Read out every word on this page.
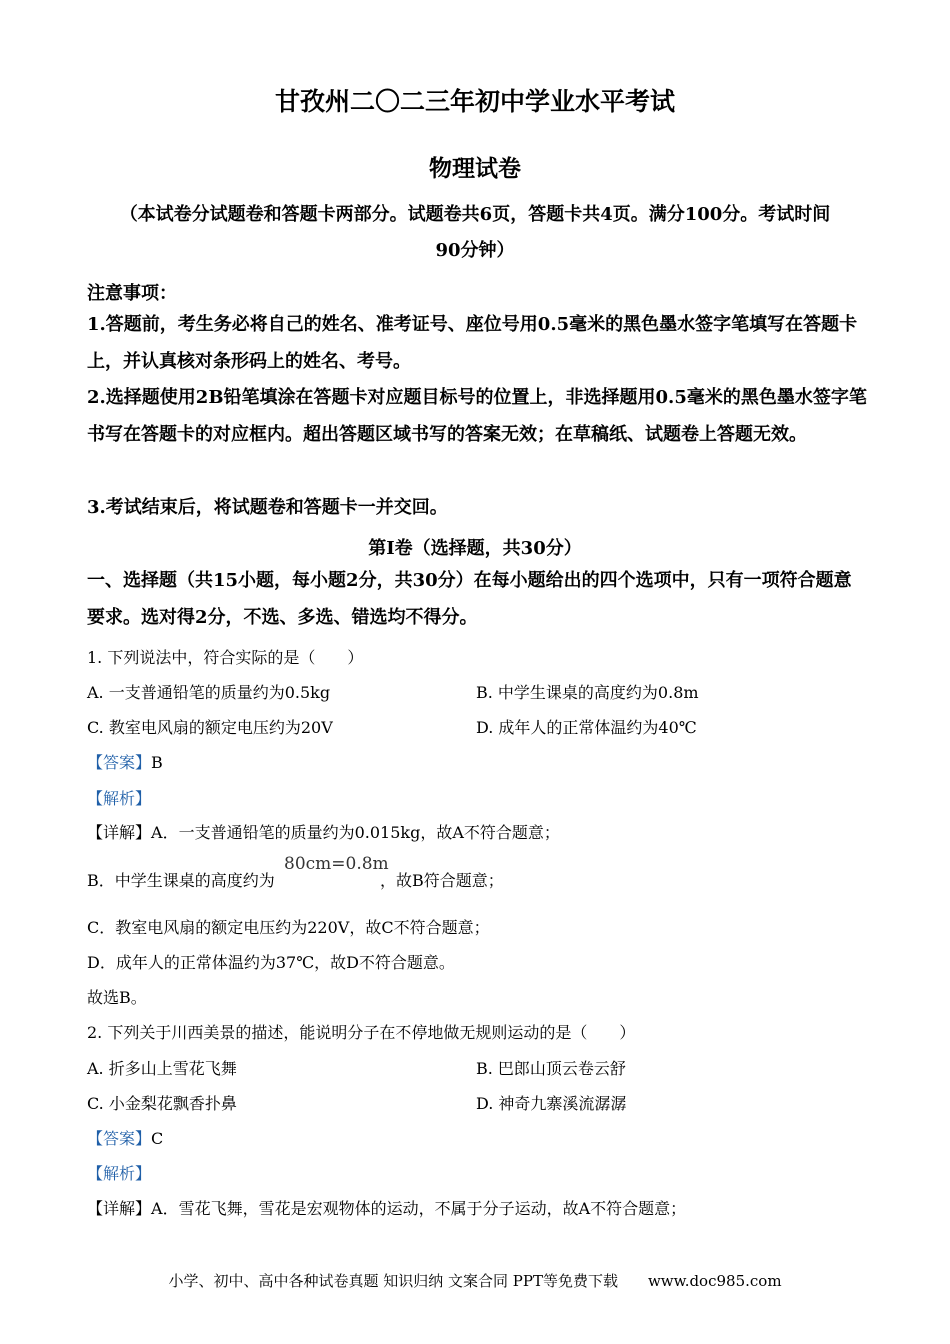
甘孜州二〇二三年初中学业水平考试
物理试卷
（本试卷分试题卷和答题卡两部分。试题卷共6页，答题卡共4页。满分100分。考试时间
90分钟）
注意事项：
1.答题前，考生务必将自己的姓名、准考证号、座位号用0.5毫米的黑色墨水签字笔填写在答题卡上，并认真核对条形码上的姓名、考号。
2.选择题使用2B铅笔填涂在答题卡对应题目标号的位置上，非选择题用0.5毫米的黑色墨水签字笔书写在答题卡的对应框内。超出答题区域书写的答案无效；在草稿纸、试题卷上答题无效。
3.考试结束后，将试题卷和答题卡一并交回。
第Ⅰ卷（选择题，共30分）
一、选择题（共15小题，每小题2分，共30分）在每小题给出的四个选项中，只有一项符合题意要求。选对得2分，不选、多选、错选均不得分。
1. 下列说法中，符合实际的是（　　）
A. 一支普通铅笔的质量约为0.5kg	B. 中学生课桌的高度约为0.8m
C. 教室电风扇的额定电压约为20V	D. 成年人的正常体温约为40℃
【答案】B
【解析】
【详解】A．一支普通铅笔的质量约为0.015kg，故A不符合题意；
B．中学生课桌的高度约为
80cm=0.8m
，故B符合题意；
C．教室电风扇的额定电压约为220V，故C不符合题意；
D．成年人的正常体温约为37℃，故D不符合题意。
故选B。
2. 下列关于川西美景的描述，能说明分子在不停地做无规则运动的是（　　）
A. 折多山上雪花飞舞	B. 巴郎山顶云卷云舒
C. 小金梨花飘香扑鼻	D. 神奇九寨溪流潺潺
【答案】C
【解析】
【详解】A．雪花飞舞，雪花是宏观物体的运动，不属于分子运动，故A不符合题意；
小学、初中、高中各种试卷真题 知识归纳 文案合同 PPT等免费下载　　www.doc985.com
